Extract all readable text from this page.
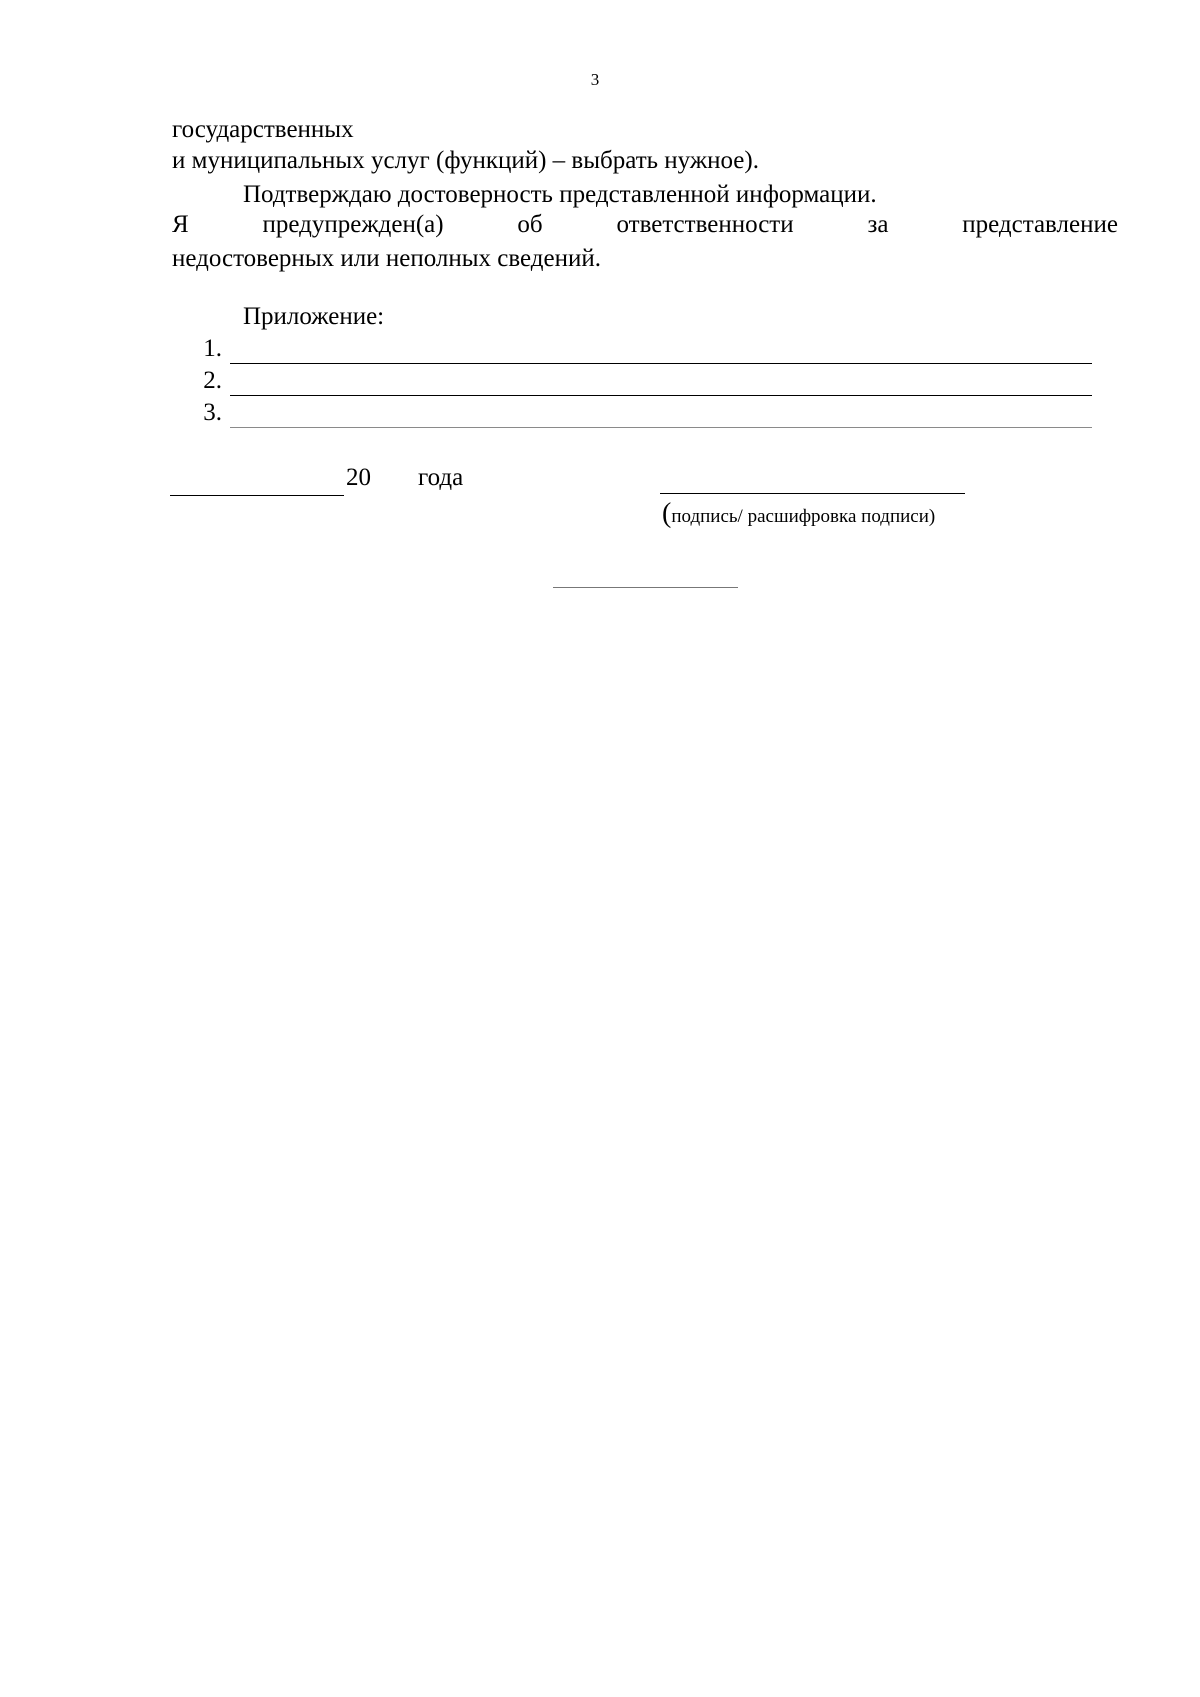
3
государственных
и муниципальных услуг (функций) – выбрать нужное).
Подтверждаю достоверность представленной информации.
Я	предупрежден(а)	об	ответственности	за	представление
недостоверных или неполных сведений.
Приложение:
1.
2.
3.
20 года
(подпись/ расшифровка подписи)
